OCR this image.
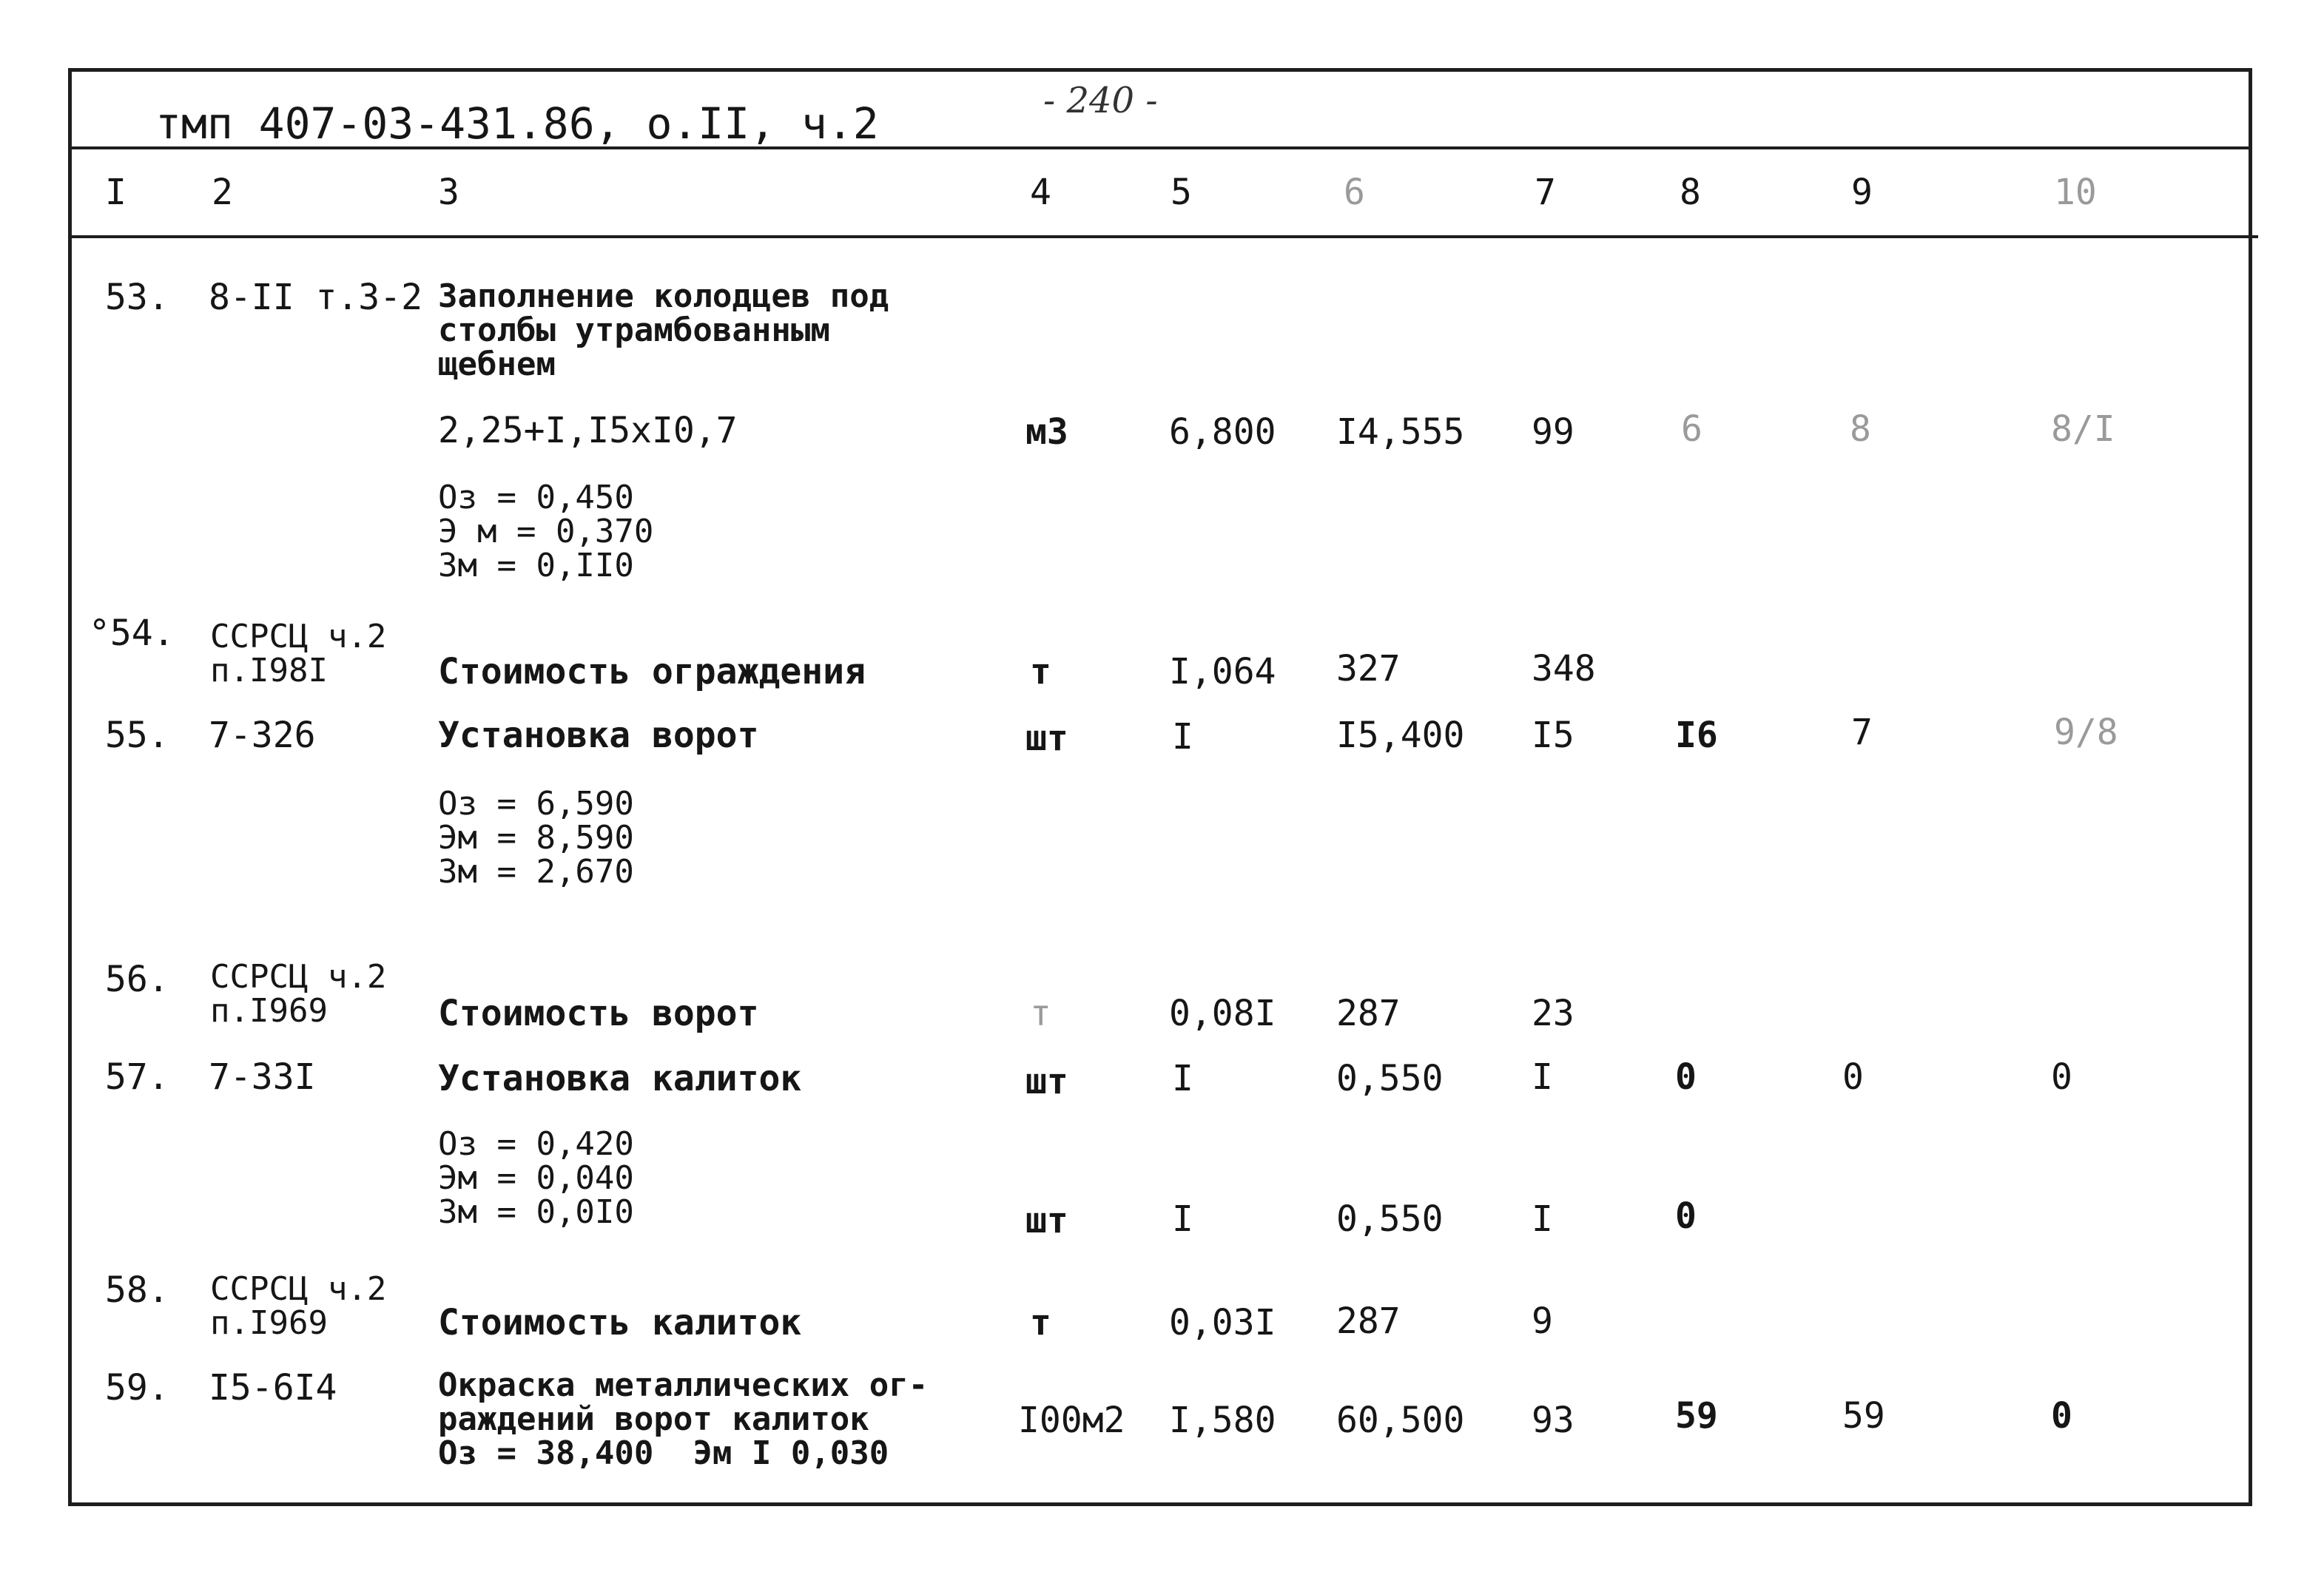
тмп 407-03-431.86, о.II, ч.2	- 240 -
I 2	3	4	5	6	7	8	9	10
53. 8-II т.3-2 Заполнение колодцев под
столбы утрамбованным
щебнем
2,25+I,I5xI0,7	м3	6,800 I4,555 99	6	8	8/I
Оз = 0,450
Э м = 0,370
Зм = 0,II0
°54. ССРСЦ ч.2
п.I98I	Стоимость ограждения	т	I,064 327	348
55. 7-326	Установка ворот	шт	I	I5,400 I5	I6	7	9/8
Оз = 6,590
Эм = 8,590
Зм = 2,670
56. ССРСЦ ч.2
п.I969	Стоимость ворот	т	0,08I 287	23
57. 7-33I	Установка калиток	шт	I	0,550 I	0	0	0
Оз = 0,420
Эм = 0,040
Зм = 0,0I0	шт	I	0,550 I	0
58. ССРСЦ ч.2
п.I969	Стоимость калиток	т	0,03I 287	9
59. I5-6I4	Окраска металлических ог-
раждений ворот калиток
Оз = 38,400  Эм I 0,030
I00м2 I,580 60,500 93	59	59	0
